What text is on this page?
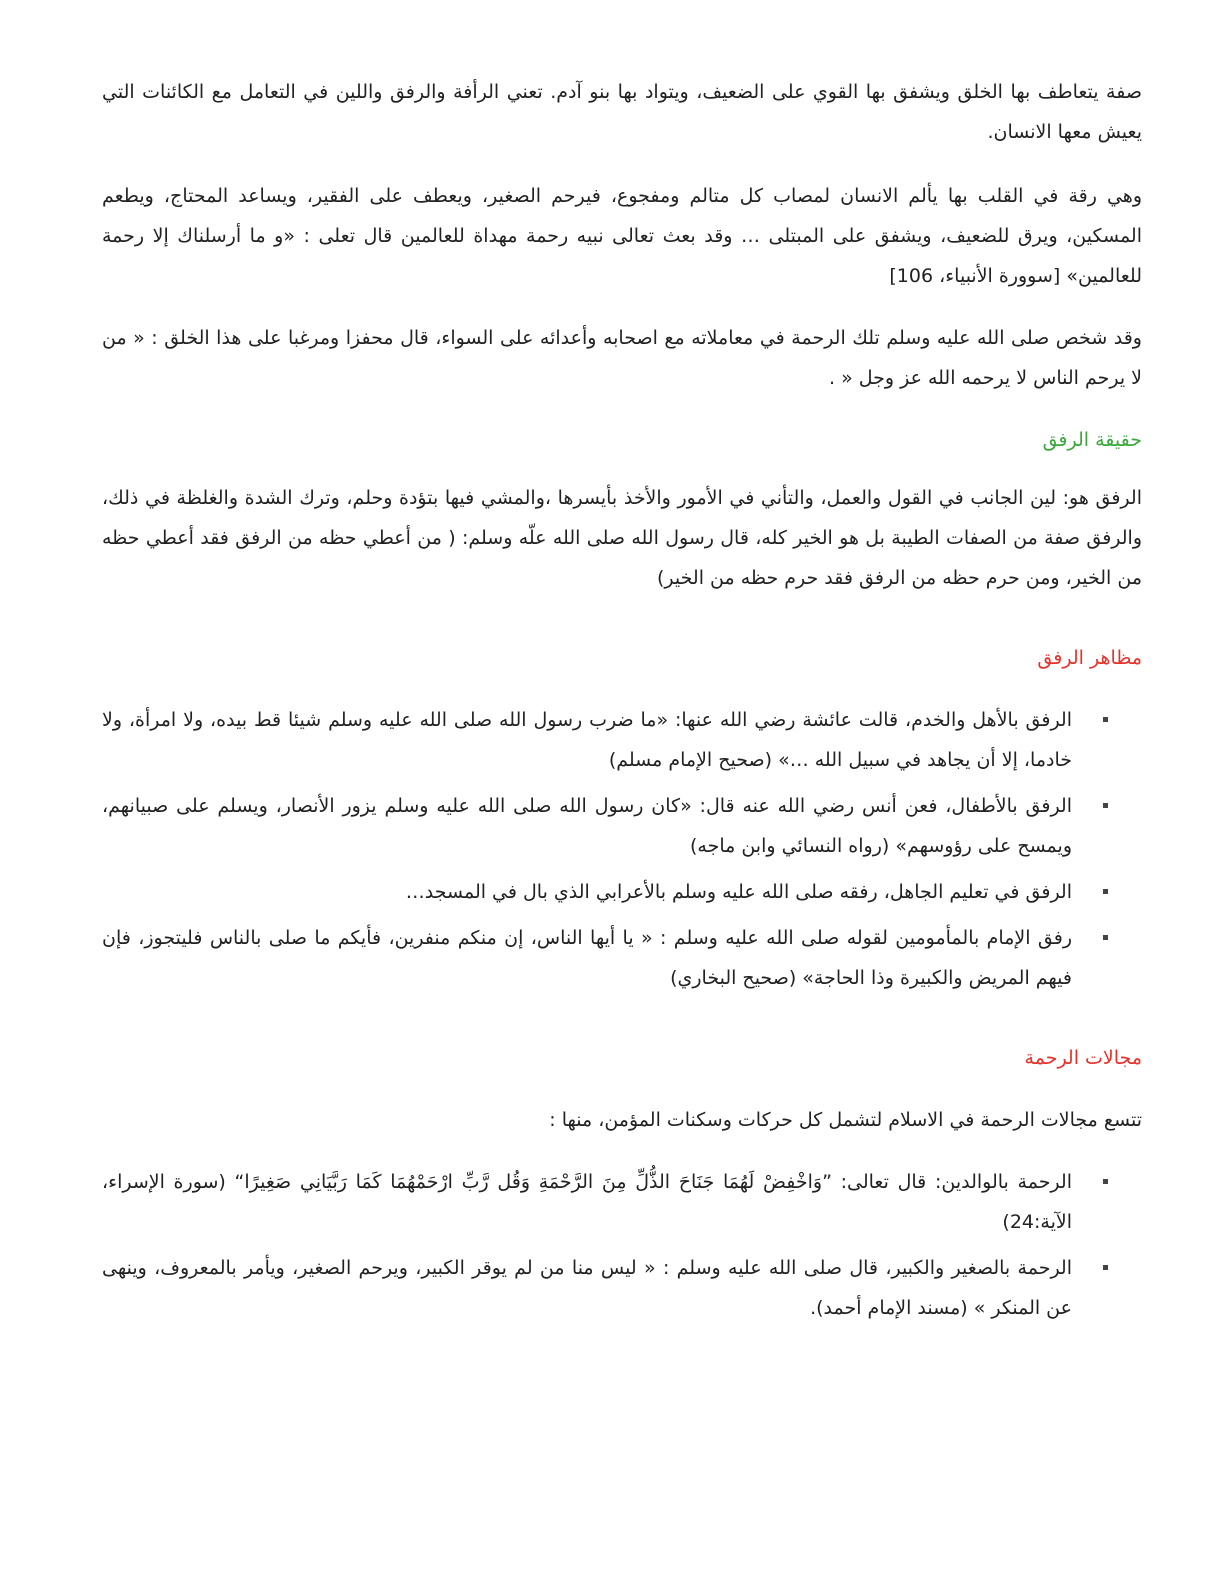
صفة يتعاطف بها الخلق ويشفق بها القوي على الضعيف، ويتواد بها بنو آدم. تعني الرأفة والرفق واللين في التعامل مع الكائنات التي يعيش معها الانسان.

وهي رقة في القلب بها يألم الانسان لمصاب كل متالم ومفجوع، فيرحم الصغير، ويعطف على الفقير، ويساعد المحتاج، ويطعم المسكين، ويرق للضعيف، ويشفق على المبتلى … وقد بعث تعالى نبيه رحمة مهداة للعالمين قال تعلى : «و ما أرسلناك إلا رحمة للعالمين» [سوورة الأنبياء، 106]

وقد شخص صلى الله عليه وسلم تلك الرحمة في معاملاته مع اصحابه وأعدائه على السواء، قال محفزا ومرغبا على هذا الخلق : « من لا يرحم الناس لا يرحمه الله عز وجل « .

حقيقة الرفق

الرفق هو: لين الجانب في القول والعمل، والتأني في الأمور والأخذ بأيسرها ،والمشي فيها بتؤدة وحلم، وترك الشدة والغلظة في ذلك، والرفق صفة من الصفات الطيبة بل هو الخير كله، قال رسول الله صلى الله علّه وسلم: ( من أعطي حظه من الرفق فقد أعطي حظه من الخير، ومن حرم حظه من الرفق فقد حرم حظه من الخير)

مظاهر الرفق
الرفق بالأهل والخدم، قالت عائشة رضي الله عنها: «ما ضرب رسول الله صلى الله عليه وسلم شيئا قط بيده، ولا امرأة، ولا خادما، إلا أن يجاهد في سبيل الله …» (صحيح الإمام مسلم)
الرفق بالأطفال، فعن أنس رضي الله عنه قال: «كان رسول الله صلى الله عليه وسلم يزور الأنصار، ويسلم على صبيانهم، ويمسح على رؤوسهم» (رواه النسائي وابن ماجه)
الرفق في تعليم الجاهل، رفقه صلى الله عليه وسلم بالأعرابي الذي بال في المسجد…
رفق الإمام بالمأمومين لقوله صلى الله عليه وسلم : « يا أيها الناس، إن منكم منفرين، فأيكم ما صلى بالناس فليتجوز، فإن فيهم المريض والكبيرة وذا الحاجة» (صحيح البخاري)
مجالات الرحمة

تتسع مجالات الرحمة في الاسلام لتشمل كل حركات وسكنات المؤمن، منها :

الرحمة بالوالدين: قال تعالى: ”وَاخْفِضْ لَهُمَا جَنَاحَ الذُّلِّ مِنَ الرَّحْمَةِ وَقُل رَّبِّ ارْحَمْهُمَا كَمَا رَبَّيَانِي صَغِيرًا“ (سورة الإسراء، الآية:24)
الرحمة بالصغير والكبير، قال صلى الله عليه وسلم : « ليس منا من لم يوقر الكبير، ويرحم الصغير، ويأمر بالمعروف، وينهى عن المنكر » (مسند الإمام أحمد).
